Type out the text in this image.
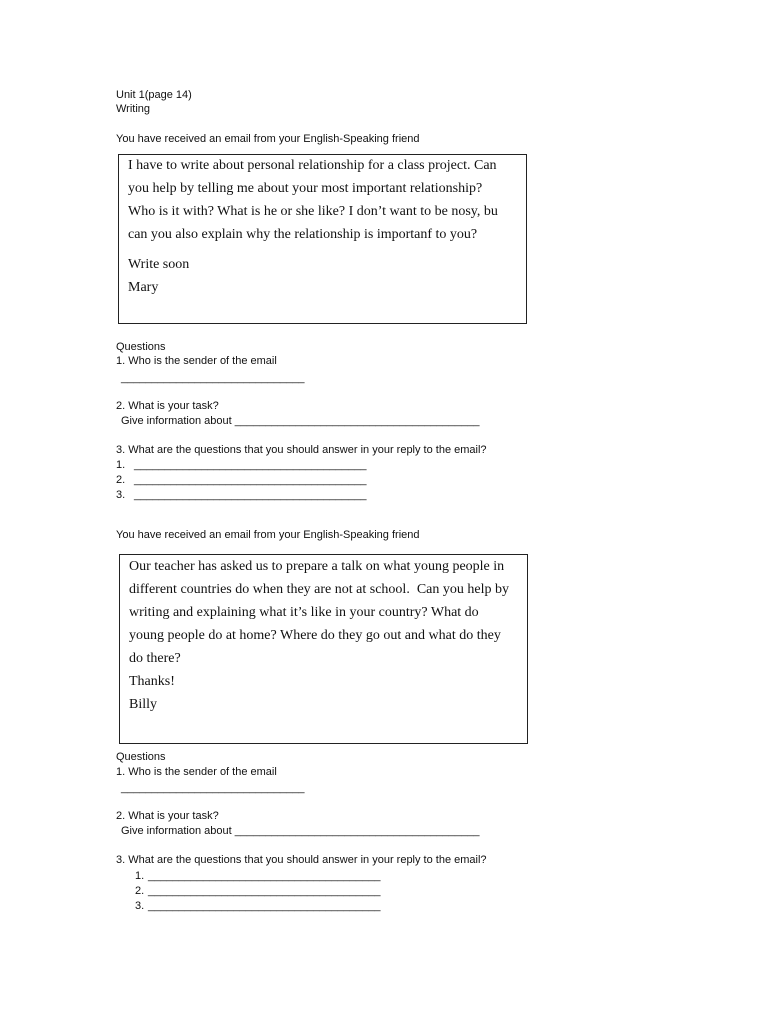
Unit 1(page 14)
Writing
You have received an email from your English-Speaking friend
I have to write about personal relationship for a class project. Can
you help by telling me about your most important relationship?
Who is it with? What is he or she like? I don’t want to be nosy, bu
can you also explain why the relationship is importanf to you?
Write soon
Mary
Questions
1. Who is the sender of the email
______________________________
2. What is your task?
Give information about ________________________________________
3. What are the questions that you should answer in your reply to the email?
1. ______________________________________
2. ______________________________________
3. ______________________________________
You have received an email from your English-Speaking friend
Our teacher has asked us to prepare a talk on what young people in
different countries do when they are not at school.  Can you help by
writing and explaining what it’s like in your country? What do
young people do at home? Where do they go out and what do they
do there?
Thanks!
Billy
Questions
1. Who is the sender of the email
______________________________
2. What is your task?
Give information about ________________________________________
3. What are the questions that you should answer in your reply to the email?
1. ______________________________________
2. ______________________________________
3. ______________________________________
